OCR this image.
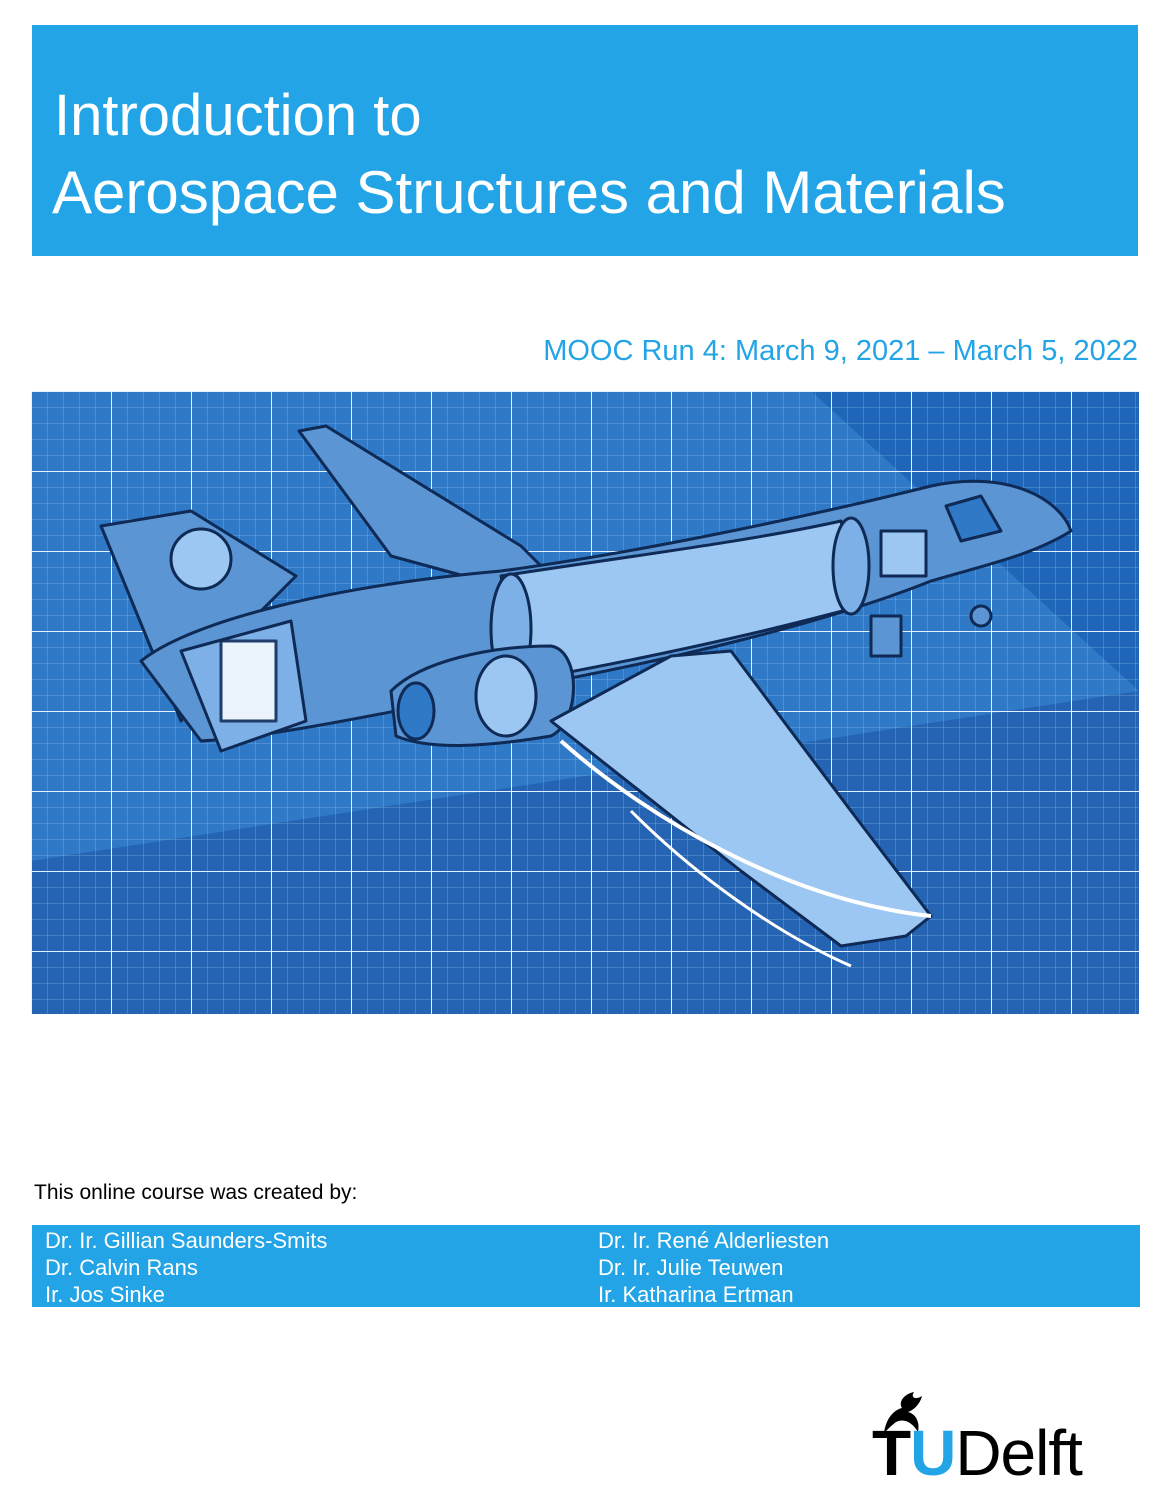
Introduction to
Aerospace Structures and Materials
MOOC Run 4: March 9, 2021 – March 5, 2022
This online course was created by:
Dr. Ir. Gillian Saunders-Smits
Dr. Calvin Rans
Ir. Jos Sinke
Dr. Ir. René Alderliesten
Dr. Ir. Julie Teuwen
Ir. Katharina Ertman
TUDelft
